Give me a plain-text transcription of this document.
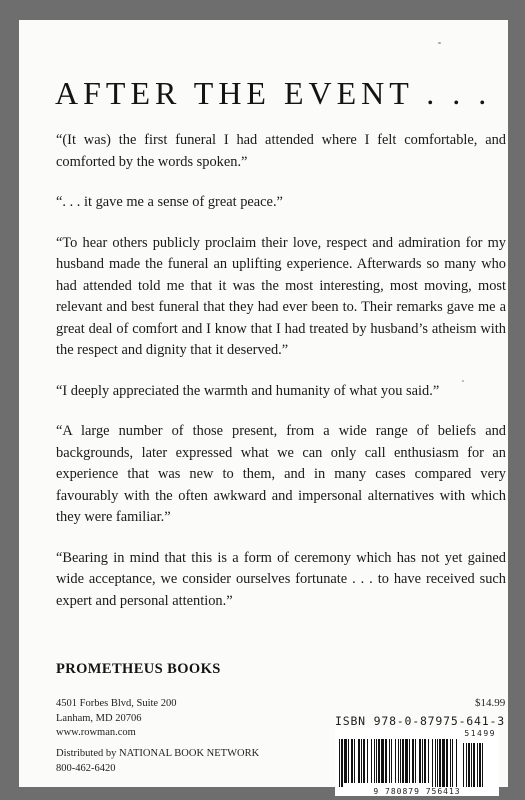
AFTER THE EVENT . . .

“(It was) the first funeral I had attended where I felt comfortable, and comforted by the words spoken.”

“. . . it gave me a sense of great peace.”

“To hear others publicly proclaim their love, respect and admiration for my husband made the funeral an uplifting experience. Afterwards so many who had attended told me that it was the most interesting, most moving, most relevant and best funeral that they had ever been to. Their remarks gave me a great deal of comfort and I know that I had treated by husband’s atheism with the respect and dignity that it deserved.”

“I deeply appreciated the warmth and humanity of what you said.”

“A large number of those present, from a wide range of beliefs and backgrounds, later expressed what we can only call enthusiasm for an experience that was new to them, and in many cases compared very favourably with the often awkward and impersonal alternatives with which they were familiar.”

“Bearing in mind that this is a form of ceremony which has not yet gained wide acceptance, we consider ourselves fortunate . . . to have received such expert and personal attention.”

PROMETHEUS BOOKS
4501 Forbes Blvd, Suite 200
Lanham, MD 20706
www.rowman.com
Distributed by NATIONAL BOOK NETWORK
800-462-6420
$14.99
ISBN 978-0-87975-641-3
51499
9 780879 756413
